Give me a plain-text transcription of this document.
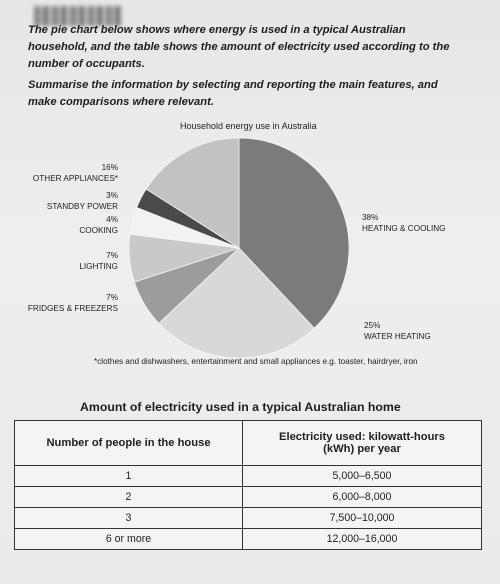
The pie chart below shows where energy is used in a typical Australian household, and the table shows the amount of electricity used according to the number of occupants.

Summarise the information by selecting and reporting the main features, and make comparisons where relevant.

Household energy use in Australia
16%
OTHER APPLIANCES*
3%
STANDBY POWER
4%
COOKING
7%
LIGHTING
7%
FRIDGES & FREEZERS
38%
HEATING & COOLING
25%
WATER HEATING
*clothes and dishwashers, entertainment and small appliances e.g. toaster, hairdryer, iron
Amount of electricity used in a typical Australian home
Number of people in the house	Electricity used: kilowatt-hours (kWh) per year
1	5,000–6,500
2	6,000–8,000
3	7,500–10,000
6 or more	12,000–16,000
